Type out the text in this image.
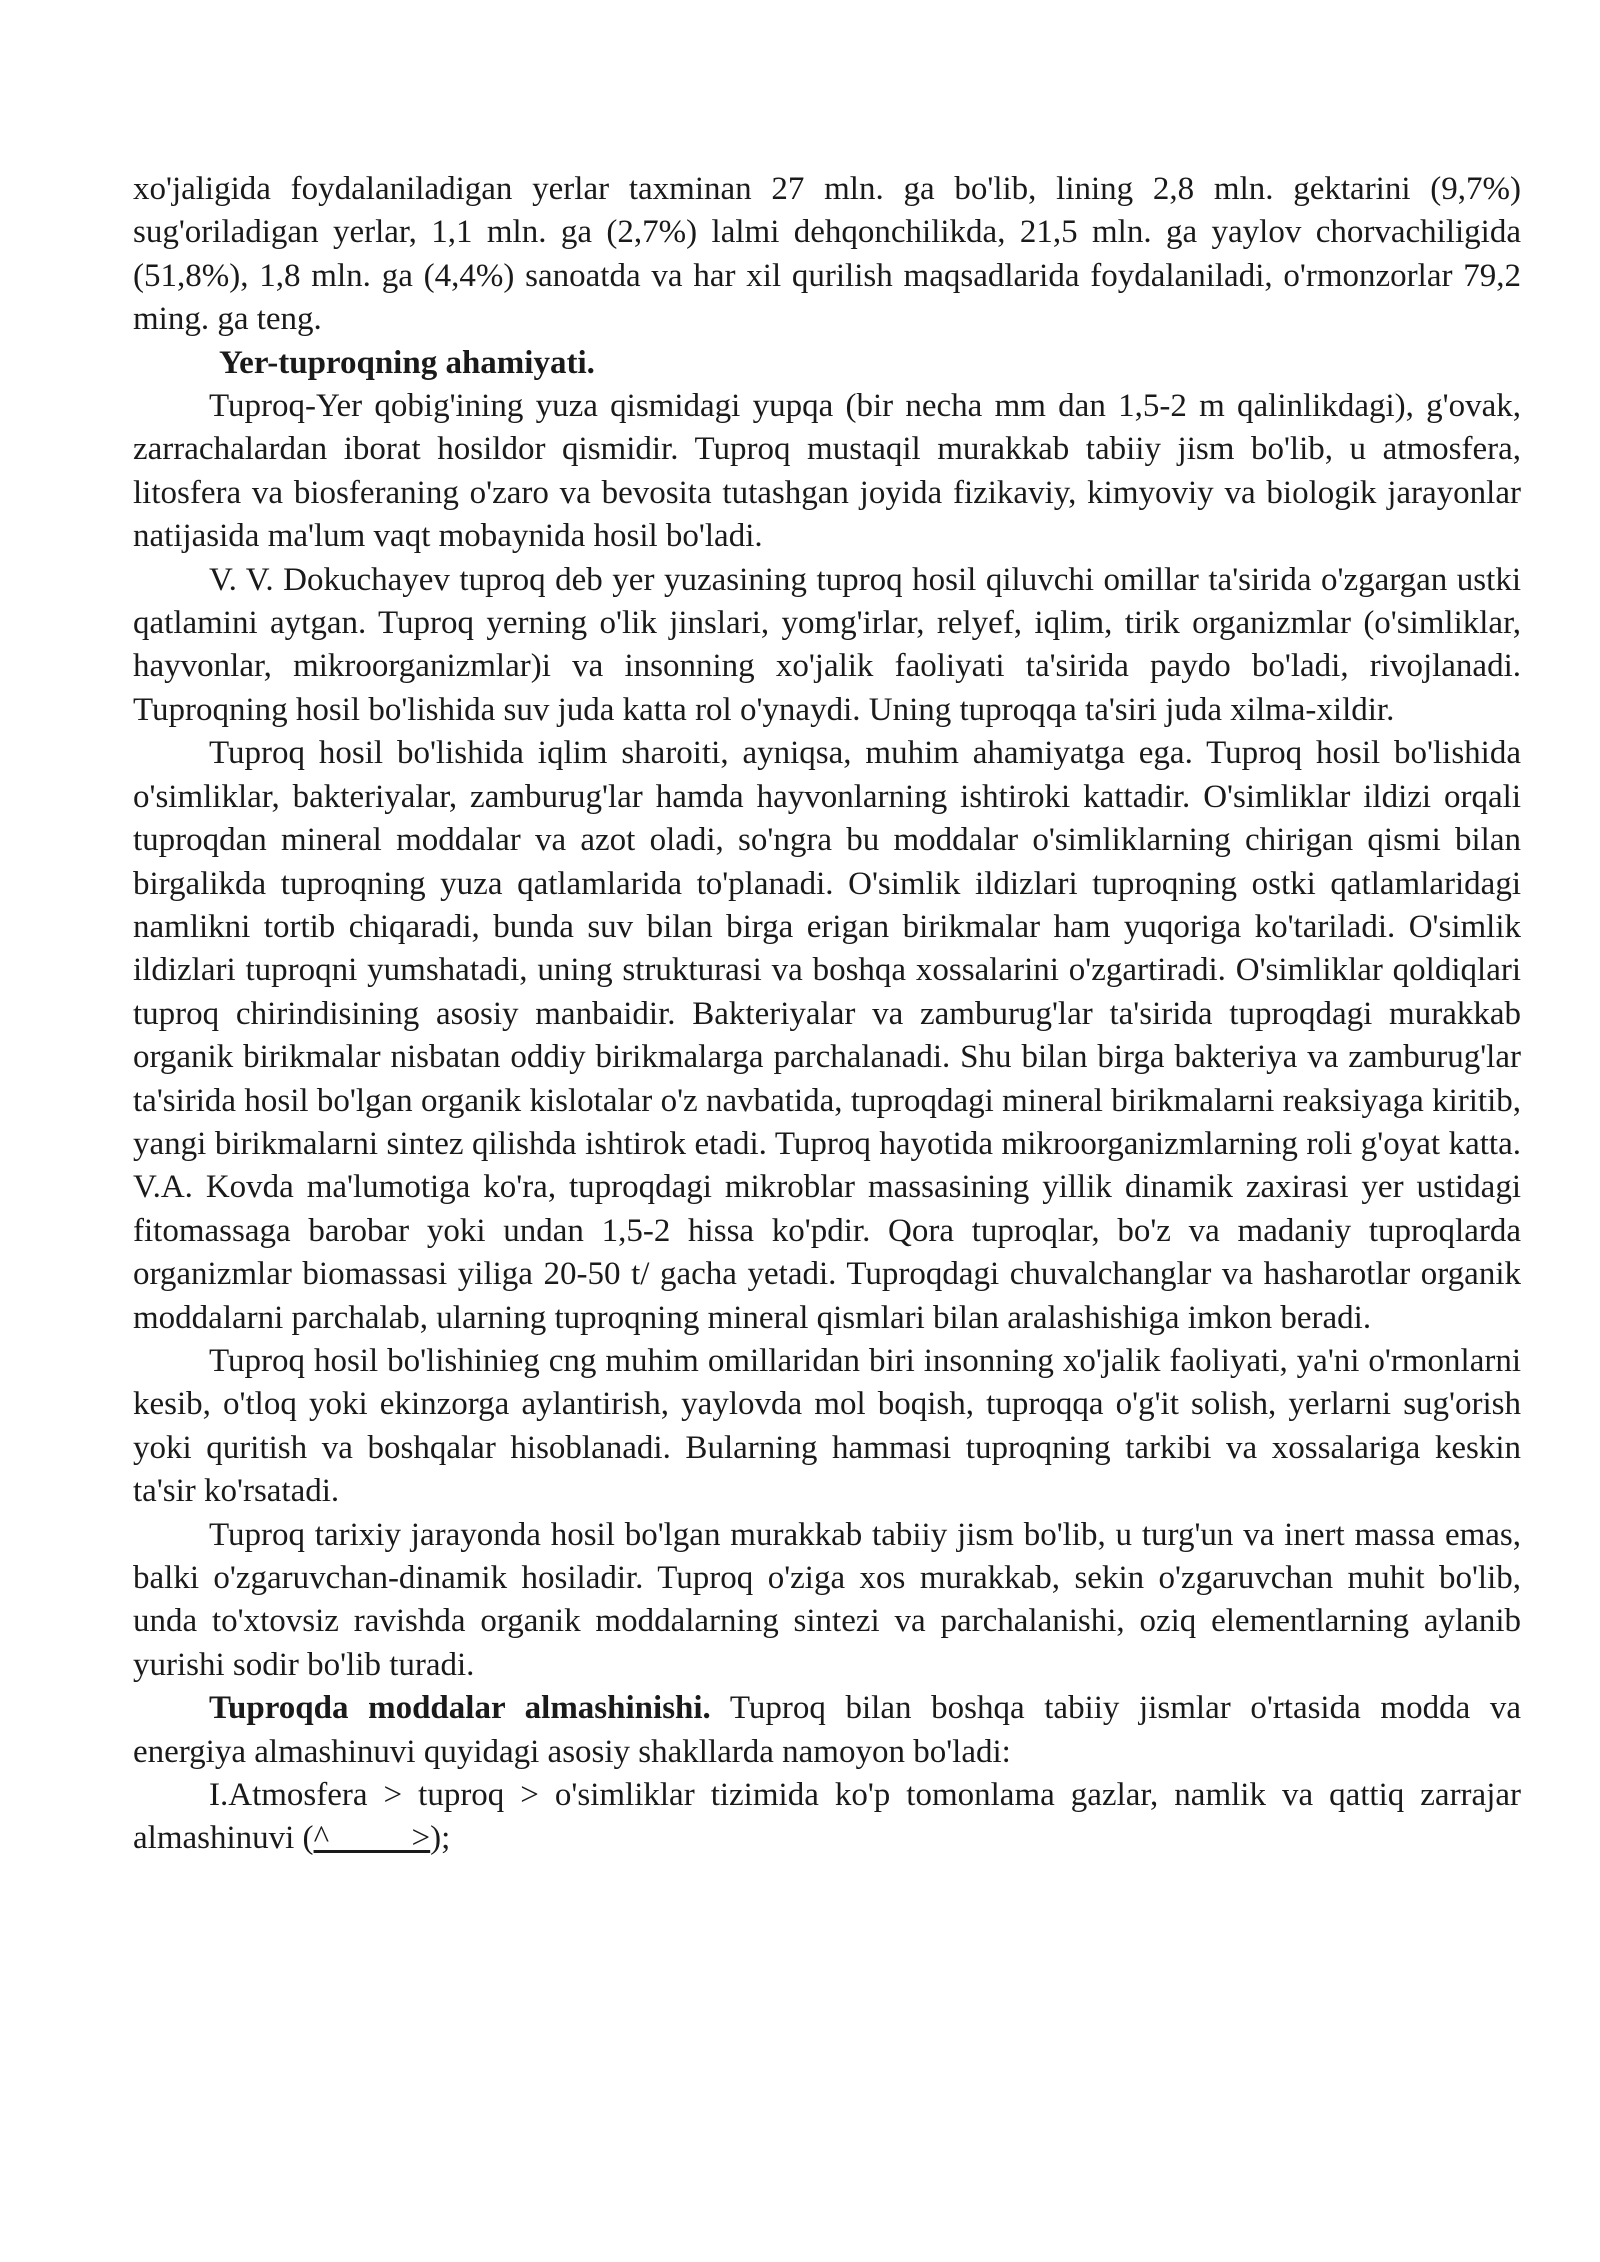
xo'jaligida foydalaniladigan yerlar taxminan 27 mln. ga bo'lib, lining 2,8 mln. gektarini (9,7%) sug'oriladigan yerlar, 1,1 mln. ga (2,7%) lalmi dehqonchilikda, 21,5 mln. ga yaylov chorvachiligida (51,8%), 1,8 mln. ga (4,4%) sanoatda va har xil qurilish maqsadlarida foydalaniladi, o'rmonzorlar 79,2 ming. ga teng.

Yer-tuproqning ahamiyati.

Tuproq-Yer qobig'ining yuza qismidagi yupqa (bir necha mm dan 1,5-2 m qalinlikdagi), g'ovak, zarrachalardan iborat hosildor qismidir. Tuproq mustaqil murakkab tabiiy jism bo'lib, u atmosfera, litosfera va biosferaning o'zaro va bevosita tutashgan joyida fizikaviy, kimyoviy va biologik jarayonlar natijasida ma'lum vaqt mobaynida hosil bo'ladi.

V. V. Dokuchayev tuproq deb yer yuzasining tuproq hosil qiluvchi omillar ta'sirida o'zgargan ustki qatlamini aytgan. Tuproq yerning o'lik jinslari, yomg'irlar, relyef, iqlim, tirik organizmlar (o'simliklar, hayvonlar, mikroorganizmlar)i va insonning xo'jalik faoliyati ta'sirida paydo bo'ladi, rivojlanadi. Tuproqning hosil bo'lishida suv juda katta rol o'ynaydi. Uning tuproqqa ta'siri juda xilma-xildir.

Tuproq hosil bo'lishida iqlim sharoiti, ayniqsa, muhim ahamiyatga ega. Tuproq hosil bo'lishida o'simliklar, bakteriyalar, zamburug'lar hamda hayvonlarning ishtiroki kattadir. O'simliklar ildizi orqali tuproqdan mineral moddalar va azot oladi, so'ngra bu moddalar o'simliklarning chirigan qismi bilan birgalikda tuproqning yuza qatlamlarida to'planadi. O'simlik ildizlari tuproqning ostki qatlamlaridagi namlikni tortib chiqaradi, bunda suv bilan birga erigan birikmalar ham yuqoriga ko'tariladi. O'simlik ildizlari tuproqni yumshatadi, uning strukturasi va boshqa xossalarini o'zgartiradi. O'simliklar qoldiqlari tuproq chirindisining asosiy manbaidir. Bakteriyalar va zamburug'lar ta'sirida tuproqdagi murakkab organik birikmalar nisbatan oddiy birikmalarga parchalanadi. Shu bilan birga bakteriya va zamburug'lar ta'sirida hosil bo'lgan organik kislotalar o'z navbatida, tuproqdagi mineral birikmalarni reaksiyaga kiritib, yangi birikmalarni sintez qilishda ishtirok etadi. Tuproq hayotida mikroorganizmlarning roli g'oyat katta. V.A. Kovda ma'lumotiga ko'ra, tuproqdagi mikroblar massasining yillik dinamik zaxirasi yer ustidagi fitomassaga barobar yoki undan 1,5-2 hissa ko'pdir. Qora tuproqlar, bo'z va madaniy tuproqlarda organizmlar biomassasi yiliga 20-50 t/ gacha yetadi. Tuproqdagi chuvalchanglar va hasharotlar organik moddalarni parchalab, ularning tuproqning mineral qismlari bilan aralashishiga imkon beradi.

Tuproq hosil bo'lishinieg cng muhim omillaridan biri insonning xo'jalik faoliyati, ya'ni o'rmonlarni kesib, o'tloq yoki ekinzorga aylantirish, yaylovda mol boqish, tuproqqa o'g'it solish, yerlarni sug'orish yoki quritish va boshqalar hisoblanadi. Bularning hammasi tuproqning tarkibi va xossalariga keskin ta'sir ko'rsatadi.

Tuproq tarixiy jarayonda hosil bo'lgan murakkab tabiiy jism bo'lib, u turg'un va inert massa emas, balki o'zgaruvchan-dinamik hosiladir. Tuproq o'ziga xos murakkab, sekin o'zgaruvchan muhit bo'lib, unda to'xtovsiz ravishda organik moddalarning sintezi va parchalanishi, oziq elementlarning aylanib yurishi sodir bo'lib turadi.

Tuproqda moddalar almashinishi. Tuproq bilan boshqa tabiiy jismlar o'rtasida modda va energiya almashinuvi quyidagi asosiy shakllarda namoyon bo'ladi:

I.Atmosfera > tuproq > o'simliklar tizimida ko'p tomonlama gazlar, namlik va qattiq zarrajar almashinuvi (^_____>);
